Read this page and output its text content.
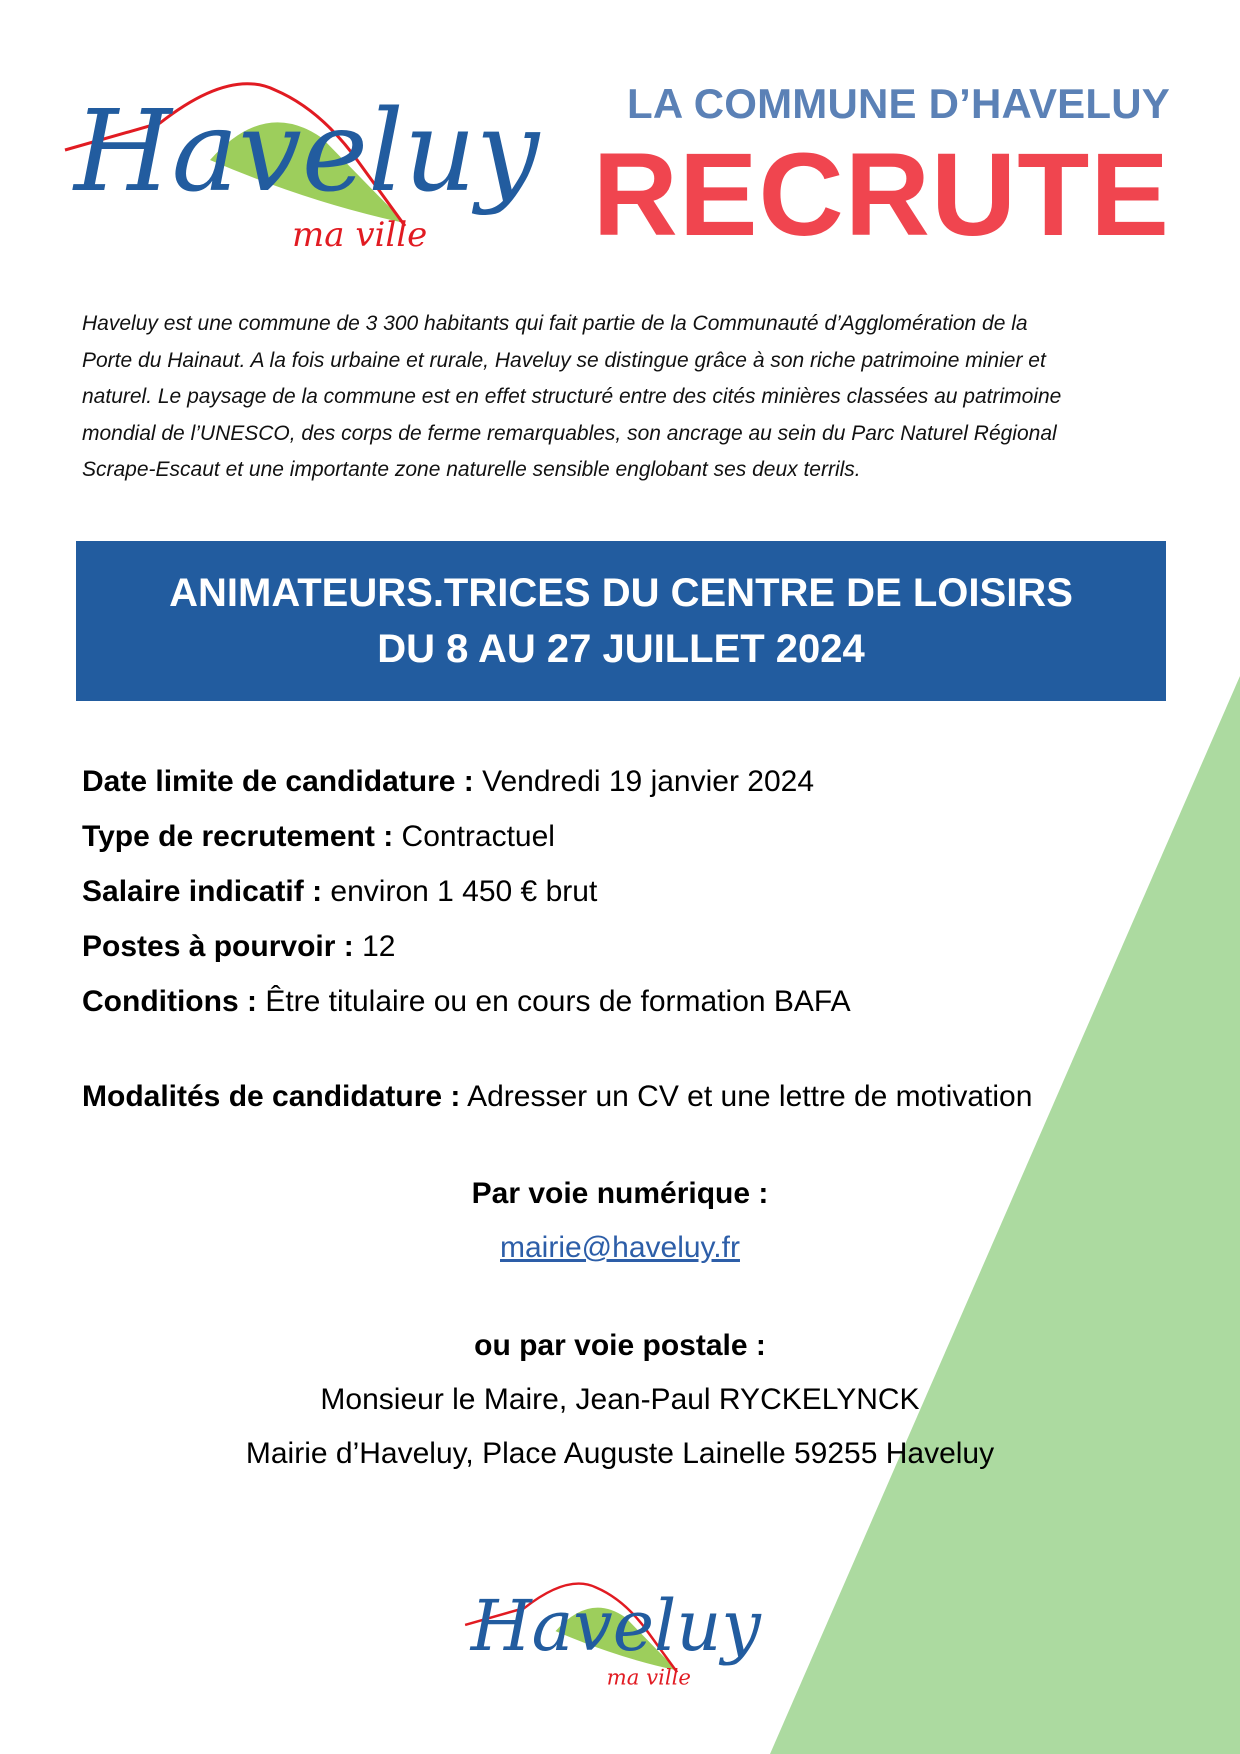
Haveluy
ma ville
LA COMMUNE D’HAVELUY
RECRUTE
Haveluy est une commune de 3 300 habitants qui fait partie de la Communauté d’Agglomération de la
Porte du Hainaut. A la fois urbaine et rurale, Haveluy se distingue grâce à son riche patrimoine minier et
naturel. Le paysage de la commune est en effet structuré entre des cités minières classées au patrimoine
mondial de l’UNESCO, des corps de ferme remarquables, son ancrage au sein du Parc Naturel Régional
Scrape-Escaut et une importante zone naturelle sensible englobant ses deux terrils.
ANIMATEURS.TRICES DU CENTRE DE LOISIRS
DU 8 AU 27 JUILLET 2024
Date limite de candidature : Vendredi 19 janvier 2024
Type de recrutement : Contractuel
Salaire indicatif : environ 1 450 € brut
Postes à pourvoir : 12
Conditions : Être titulaire ou en cours de formation BAFA
Modalités de candidature : Adresser un CV et une lettre de motivation
Par voie numérique :
mairie@haveluy.fr
ou par voie postale :
Monsieur le Maire, Jean-Paul RYCKELYNCK
Mairie d’Haveluy, Place Auguste Lainelle 59255 Haveluy
Haveluy
ma ville
